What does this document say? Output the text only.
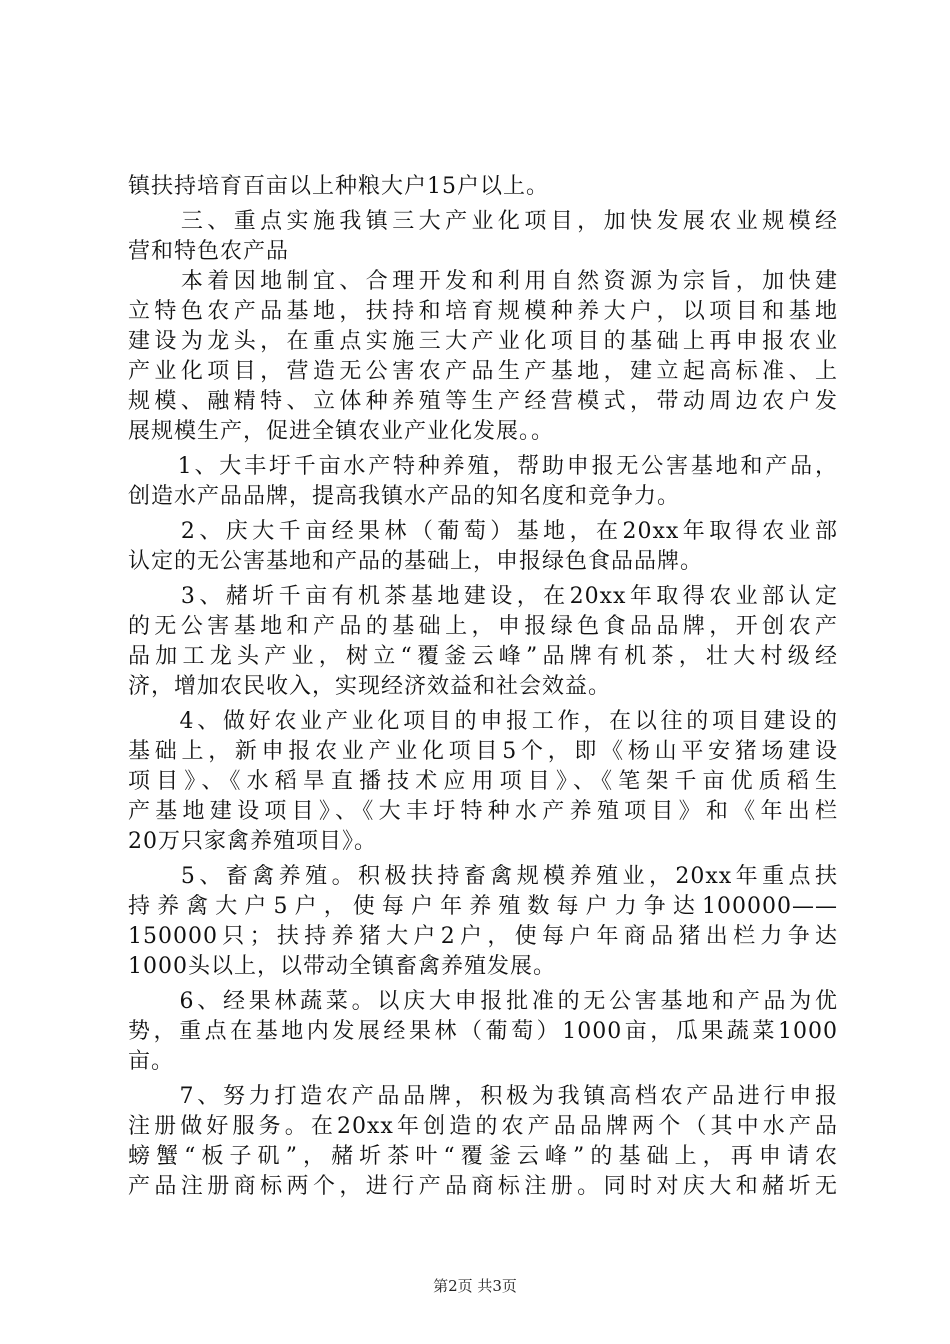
镇扶持培育百亩以上种粮大户15户以上。
　　三、重点实施我镇三大产业化项目，加快发展农业规模经
营和特色农产品
　　本着因地制宜、合理开发和利用自然资源为宗旨，加快建
立特色农产品基地，扶持和培育规模种养大户，以项目和基地
建设为龙头，在重点实施三大产业化项目的基础上再申报农业
产业化项目，营造无公害农产品生产基地，建立起高标准、上
规模、融精特、立体种养殖等生产经营模式，带动周边农户发
展规模生产，促进全镇农业产业化发展。。
　　1、大丰圩千亩水产特种养殖，帮助申报无公害基地和产品，
创造水产品品牌，提高我镇水产品的知名度和竞争力。
　　2、庆大千亩经果林（葡萄）基地，在20xx年取得农业部
认定的无公害基地和产品的基础上，申报绿色食品品牌。
　　3、赭圻千亩有机茶基地建设，在20xx年取得农业部认定
的无公害基地和产品的基础上，申报绿色食品品牌，开创农产
品加工龙头产业，树立“覆釜云峰”品牌有机茶，壮大村级经
济，增加农民收入，实现经济效益和社会效益。
　　4、做好农业产业化项目的申报工作，在以往的项目建设的
基础上，新申报农业产业化项目5个，即《杨山平安猪场建设
项目》、《水稻旱直播技术应用项目》、《笔架千亩优质稻生
产基地建设项目》、《大丰圩特种水产养殖项目》和《年出栏
20万只家禽养殖项目》。
　　5、畜禽养殖。积极扶持畜禽规模养殖业，20xx年重点扶
持养禽大户5户，使每户年养殖数每户力争达100000——
150000只；扶持养猪大户2户，使每户年商品猪出栏力争达
1000头以上，以带动全镇畜禽养殖发展。
　　6、经果林蔬菜。以庆大申报批准的无公害基地和产品为优
势，重点在基地内发展经果林（葡萄）1000亩，瓜果蔬菜1000
亩。
　　7、努力打造农产品品牌，积极为我镇高档农产品进行申报
注册做好服务。在20xx年创造的农产品品牌两个（其中水产品
螃蟹“板子矶”，赭圻茶叶“覆釜云峰”的基础上，再申请农
产品注册商标两个，进行产品商标注册。同时对庆大和赭圻无
第2页 共3页
